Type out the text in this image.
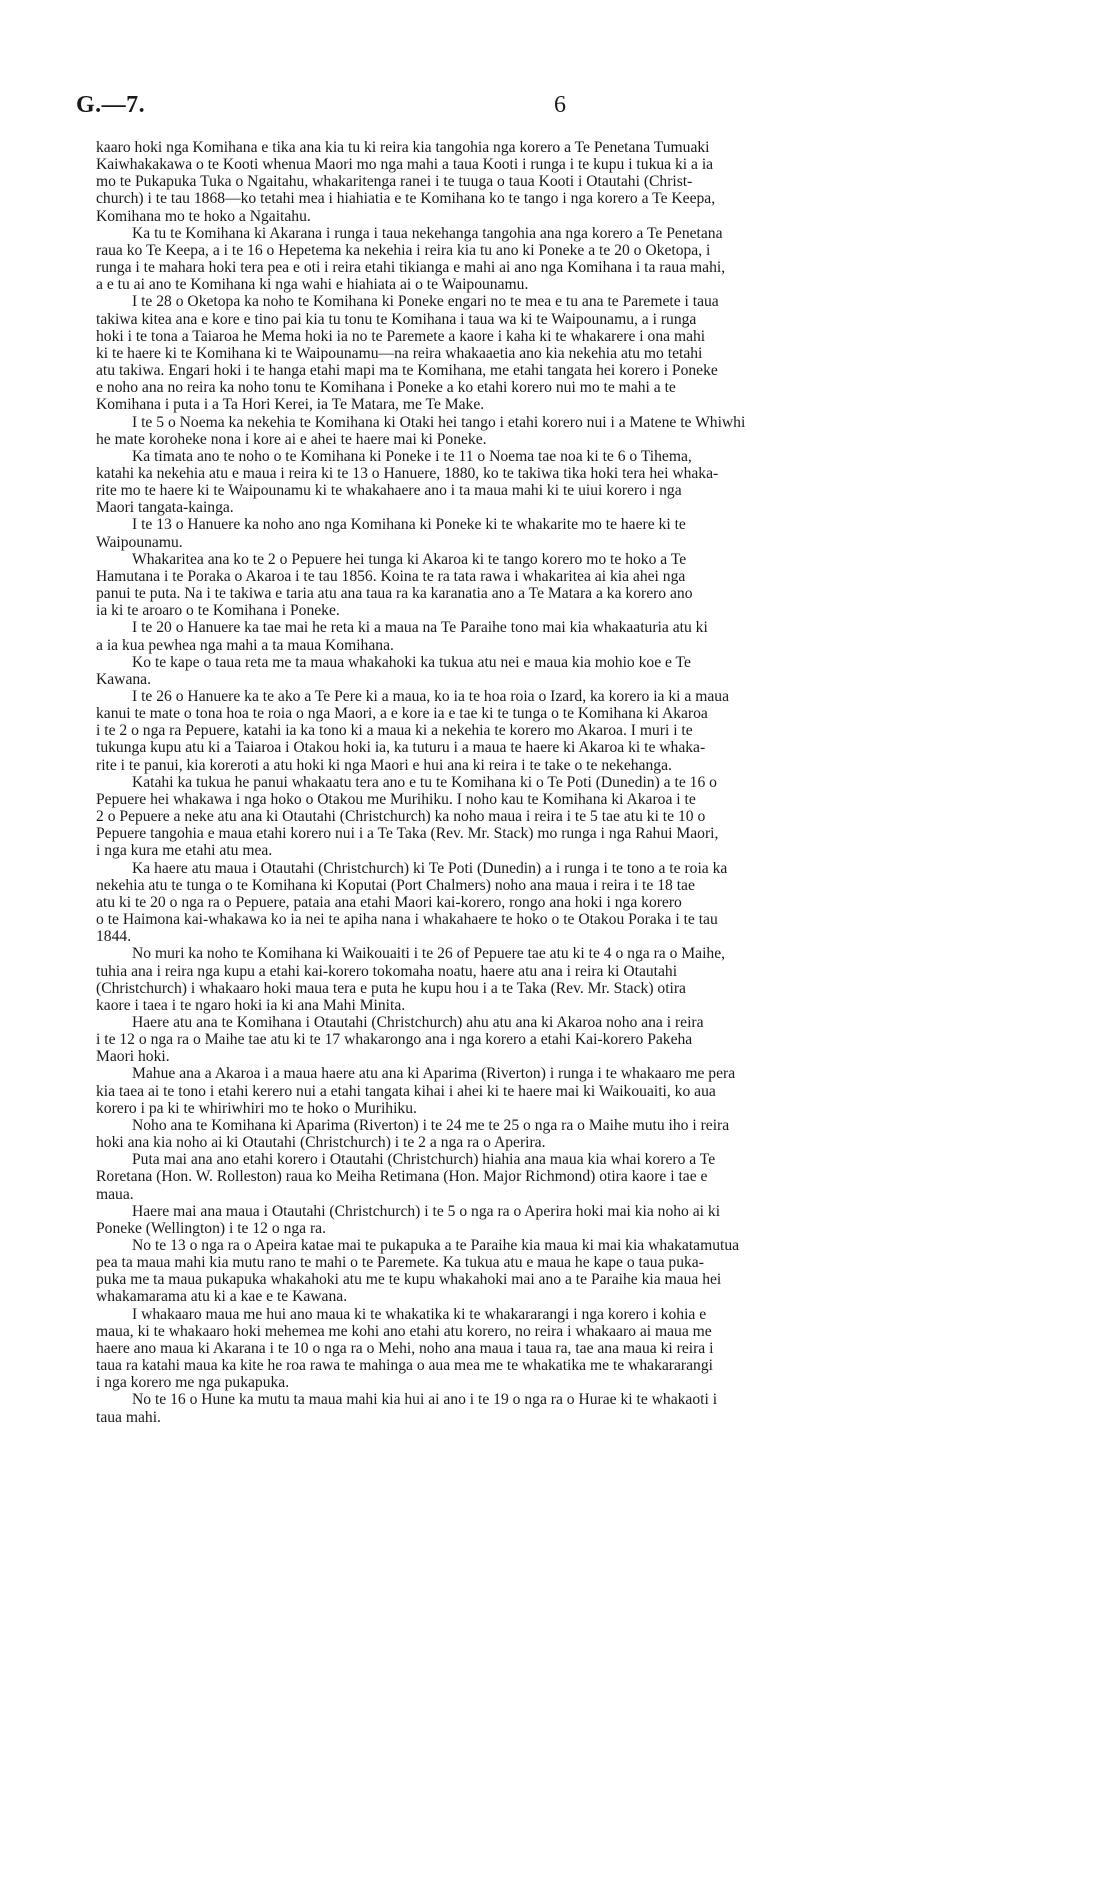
G.—7.	6

kaaro hoki nga Komihana e tika ana kia tu ki reira kia tangohia nga korero a Te Penetana Tumuaki
Kaiwhakakawa o te Kooti whenua Maori mo nga mahi a taua Kooti i runga i te kupu i tukua ki a ia
mo te Pukapuka Tuka o Ngaitahu, whakaritenga ranei i te tuuga o taua Kooti i Otautahi (Christ-
church) i te tau 1868—ko tetahi mea i hiahiatia e te Komihana ko te tango i nga korero a Te Keepa,
Komihana mo te hoko a Ngaitahu.

Ka tu te Komihana ki Akarana i runga i taua nekehanga tangohia ana nga korero a Te Penetana
raua ko Te Keepa, a i te 16 o Hepetema ka nekehia i reira kia tu ano ki Poneke a te 20 o Oketopa, i
runga i te mahara hoki tera pea e oti i reira etahi tikianga e mahi ai ano nga Komihana i ta raua mahi,
a e tu ai ano te Komihana ki nga wahi e hiahiata ai o te Waipounamu.

I te 28 o Oketopa ka noho te Komihana ki Poneke engari no te mea e tu ana te Paremete i taua
takiwa kitea ana e kore e tino pai kia tu tonu te Komihana i taua wa ki te Waipounamu, a i runga
hoki i te tona a Taiaroa he Mema hoki ia no te Paremete a kaore i kaha ki te whakarere i ona mahi
ki te haere ki te Komihana ki te Waipounamu—na reira whakaaetia ano kia nekehia atu mo tetahi
atu takiwa. Engari hoki i te hanga etahi mapi ma te Komihana, me etahi tangata hei korero i Poneke
e noho ana no reira ka noho tonu te Komihana i Poneke a ko etahi korero nui mo te mahi a te
Komihana i puta i a Ta Hori Kerei, ia Te Matara, me Te Make.

I te 5 o Noema ka nekehia te Komihana ki Otaki hei tango i etahi korero nui i a Matene te Whiwhi
he mate koroheke nona i kore ai e ahei te haere mai ki Poneke.

Ka timata ano te noho o te Komihana ki Poneke i te 11 o Noema tae noa ki te 6 o Tihema,
katahi ka nekehia atu e maua i reira ki te 13 o Hanuere, 1880, ko te takiwa tika hoki tera hei whaka-
rite mo te haere ki te Waipounamu ki te whakahaere ano i ta maua mahi ki te uiui korero i nga
Maori tangata-kainga.

I te 13 o Hanuere ka noho ano nga Komihana ki Poneke ki te whakarite mo te haere ki te
Waipounamu.

Whakaritea ana ko te 2 o Pepuere hei tunga ki Akaroa ki te tango korero mo te hoko a Te
Hamutana i te Poraka o Akaroa i te tau 1856. Koina te ra tata rawa i whakaritea ai kia ahei nga
panui te puta. Na i te takiwa e taria atu ana taua ra ka karanatia ano a Te Matara a ka korero ano
ia ki te aroaro o te Komihana i Poneke.

I te 20 o Hanuere ka tae mai he reta ki a maua na Te Paraihe tono mai kia whakaaturia atu ki
a ia kua pewhea nga mahi a ta maua Komihana.

Ko te kape o taua reta me ta maua whakahoki ka tukua atu nei e maua kia mohio koe e Te
Kawana.

I te 26 o Hanuere ka te ako a Te Pere ki a maua, ko ia te hoa roia o Izard, ka korero ia ki a maua
kanui te mate o tona hoa te roia o nga Maori, a e kore ia e tae ki te tunga o te Komihana ki Akaroa
i te 2 o nga ra Pepuere, katahi ia ka tono ki a maua ki a nekehia te korero mo Akaroa. I muri i te
tukunga kupu atu ki a Taiaroa i Otakou hoki ia, ka tuturu i a maua te haere ki Akaroa ki te whaka-
rite i te panui, kia koreroti a atu hoki ki nga Maori e hui ana ki reira i te take o te nekehanga.

Katahi ka tukua he panui whakaatu tera ano e tu te Komihana ki o Te Poti (Dunedin) a te 16 o
Pepuere hei whakawa i nga hoko o Otakou me Murihiku. I noho kau te Komihana ki Akaroa i te
2 o Pepuere a neke atu ana ki Otautahi (Christchurch) ka noho maua i reira i te 5 tae atu ki te 10 o
Pepuere tangohia e maua etahi korero nui i a Te Taka (Rev. Mr. Stack) mo runga i nga Rahui Maori,
i nga kura me etahi atu mea.

Ka haere atu maua i Otautahi (Christchurch) ki Te Poti (Dunedin) a i runga i te tono a te roia ka
nekehia atu te tunga o te Komihana ki Koputai (Port Chalmers) noho ana maua i reira i te 18 tae
atu ki te 20 o nga ra o Pepuere, pataia ana etahi Maori kai-korero, rongo ana hoki i nga korero
o te Haimona kai-whakawa ko ia nei te apiha nana i whakahaere te hoko o te Otakou Poraka i te tau
1844.

No muri ka noho te Komihana ki Waikouaiti i te 26 of Pepuere tae atu ki te 4 o nga ra o Maihe,
tuhia ana i reira nga kupu a etahi kai-korero tokomaha noatu, haere atu ana i reira ki Otautahi
(Christchurch) i whakaaro hoki maua tera e puta he kupu hou i a te Taka (Rev. Mr. Stack) otira
kaore i taea i te ngaro hoki ia ki ana Mahi Minita.

Haere atu ana te Komihana i Otautahi (Christchurch) ahu atu ana ki Akaroa noho ana i reira
i te 12 o nga ra o Maihe tae atu ki te 17 whakarongo ana i nga korero a etahi Kai-korero Pakeha
Maori hoki.

Mahue ana a Akaroa i a maua haere atu ana ki Aparima (Riverton) i runga i te whakaaro me pera
kia taea ai te tono i etahi kerero nui a etahi tangata kihai i ahei ki te haere mai ki Waikouaiti, ko aua
korero i pa ki te whiriwhiri mo te hoko o Murihiku.

Noho ana te Komihana ki Aparima (Riverton) i te 24 me te 25 o nga ra o Maihe mutu iho i reira
hoki ana kia noho ai ki Otautahi (Christchurch) i te 2 a nga ra o Aperira.

Puta mai ana ano etahi korero i Otautahi (Christchurch) hiahia ana maua kia whai korero a Te
Roretana (Hon. W. Rolleston) raua ko Meiha Retimana (Hon. Major Richmond) otira kaore i tae e
maua.

Haere mai ana maua i Otautahi (Christchurch) i te 5 o nga ra o Aperira hoki mai kia noho ai ki
Poneke (Wellington) i te 12 o nga ra.

No te 13 o nga ra o Apeira katae mai te pukapuka a te Paraihe kia maua ki mai kia whakatamutua
pea ta maua mahi kia mutu rano te mahi o te Paremete. Ka tukua atu e maua he kape o taua puka-
puka me ta maua pukapuka whakahoki atu me te kupu whakahoki mai ano a te Paraihe kia maua hei
whakamarama atu ki a kae e te Kawana.

I whakaaro maua me hui ano maua ki te whakatika ki te whakararangi i nga korero i kohia e
maua, ki te whakaaro hoki mehemea me kohi ano etahi atu korero, no reira i whakaaro ai maua me
haere ano maua ki Akarana i te 10 o nga ra o Mehi, noho ana maua i taua ra, tae ana maua ki reira i
taua ra katahi maua ka kite he roa rawa te mahinga o aua mea me te whakatika me te whakararangi
i nga korero me nga pukapuka.

No te 16 o Hune ka mutu ta maua mahi kia hui ai ano i te 19 o nga ra o Hurae ki te whakaoti i
taua mahi.
